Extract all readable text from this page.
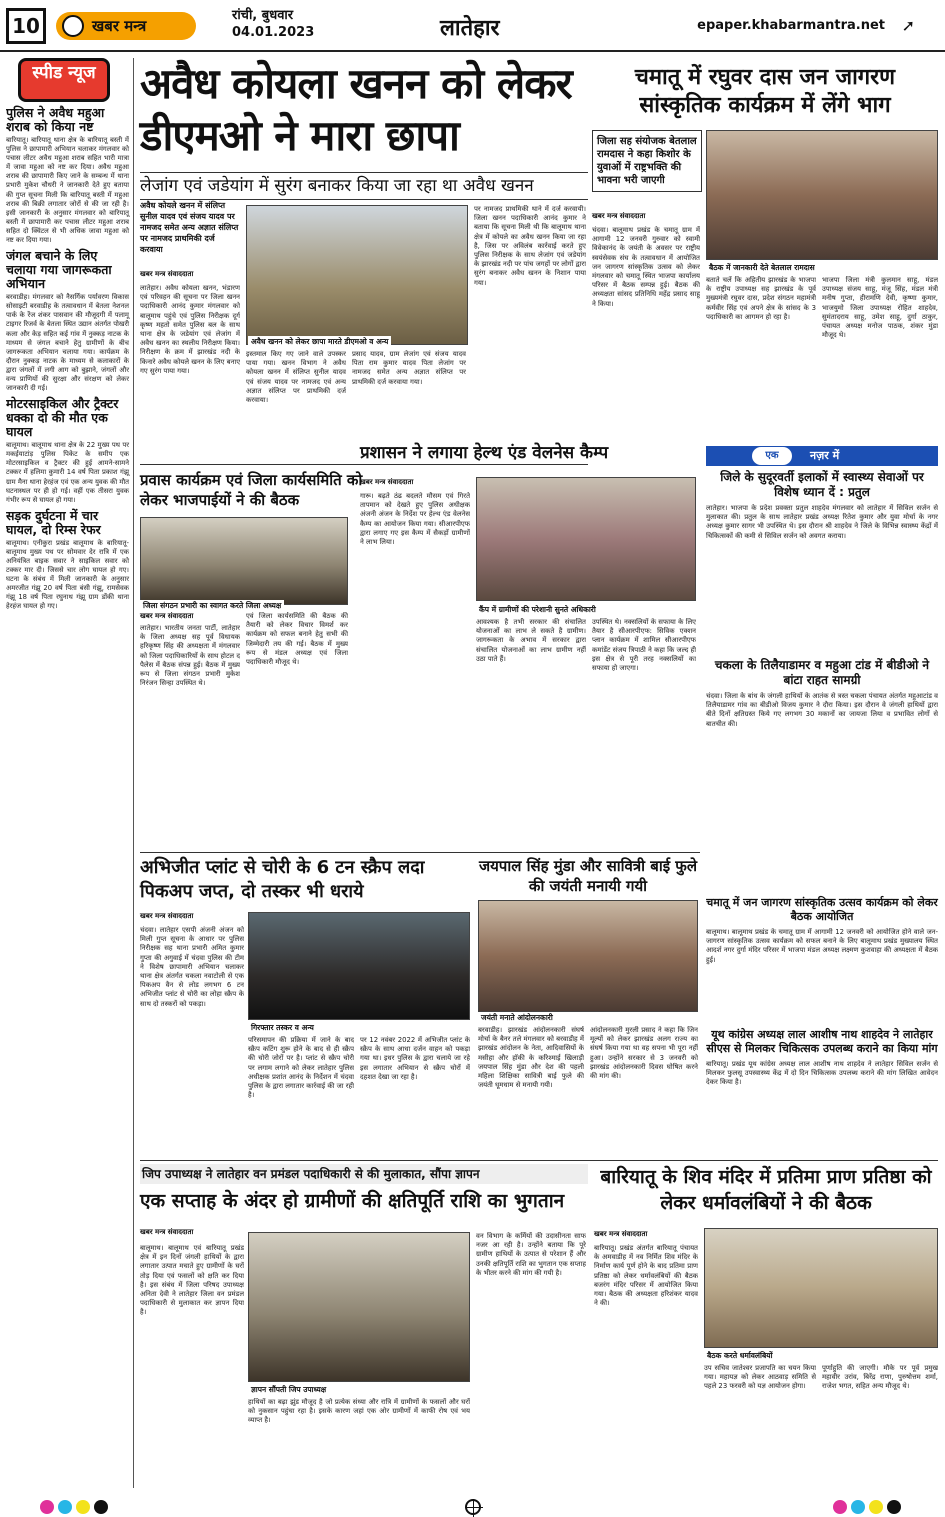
10	खबर मन्त्र
रांची, बुधवार
04.01.2023	लातेहार	epaper.khabarmantra.net ➚
स्पीड न्यूज
पुलिस ने अवैध महुआ शराब को किया नष्ट
बारियातू। बारियातू थाना क्षेत्र के बारियातू बस्ती में पुलिस ने छापामारी अभियान चलाकर मंगलवार को पचास लीटर अवैध महुआ शराब सहित भारी मात्रा में जावा महुआ को नष्ट कर दिया। अवैध महुआ शराब की छापामारी किए जाने के सम्बन्ध में थाना प्रभारी मुकेश चौधरी ने जानकारी देते हुए बताया की गुप्त सूचना मिली कि बारियातू बस्ती में महुआ शराब की बिक्री लगातार जोरों से की जा रही है। इसी जानकारी के अनुसार मंगलवार को बारियातू बस्ती में छापामारी कर पचास लीटर महुआ शराब सहित दो क्विंटल से भी अधिक जावा महुआ को नष्ट कर दिया गया।
जंगल बचाने के लिए चलाया गया जागरूकता अभियान
बरवाडीह। मंगलवार को नैसर्गिक पर्यावरण विकास सोसाइटी बरवाडीह के तत्वावधान में बेतला नेशनल पार्क के रेंज शंकर पासवान की मौजूदगी में पलामू टाइगर रिजर्व के बेतला स्थित उद्यान अंतर्गत पोखरी कला और केड़ सहित कई गांव में नुक्कड़ नाटक के माध्यम से जंगल बचाने हेतु ग्रामीणों के बीच जागरूकता अभियान चलाया गया। कार्यक्रम के दौरान नुक्कड़ नाटक के माध्यम से कलाकारों के द्वारा जंगलों में लगी आग को बुझाने, जंगलों और वन्य प्राणियों की सुरक्षा और संरक्षण को लेकर जानकारी दी गई।
मोटरसाइकिल और ट्रैक्टर धक्का दो की मौत एक घायल
बालूमाथ। बालूमाथ थाना क्षेत्र के 22 मुख्य पथ पर मकईयाटांड़ पुलिस पिकेट के समीप एक मोटरसाइकिल व ट्रैक्टर की हुई आमने-सामने टक्कर में हलिमा कुमारी 14 वर्ष पिता प्रकाश गंझू ग्राम मैना थाना हेरहंज एवं एक अन्य युवक की मौत घटनास्थल पर ही हो गई। वहीं एक तीसरा युवक गंभीर रूप से घायल हो गया।
सड़क दुर्घटना में चार घायल, दो रिम्स रेफर
बालूमाथ। एनीकुरा प्रखंड बालूमाथ के बारियातू-बालूमाथ मुख्य पथ पर सोमवार देर रात्रि में एक अनियंत्रित बाइक सवार ने साइकिल सवार को टक्कर मार दी। जिससे चार लोग घायल हो गए। घटना के संबंध में मिली जानकारी के अनुसार अमरजीत गंझू 20 वर्ष पिता बंसी गंझू, रामसेवक गंझू 18 वर्ष पिता रघुनाथ गंझू ग्राम डोंकी थाना हेरहंज घायल हो गए।
अवैध कोयला खनन को लेकर डीएमओ ने मारा छापा
लेजांग एवं जडेयांग में सुरंग बनाकर किया जा रहा था अवैध खनन
अवैध कोयले खनन में संलिप्त सुनील यादव एवं संजय यादव पर नामजद समेत अन्य अज्ञात संलिप्त पर नामजद प्राथमिकी दर्ज करवाया
अवैध खनन को लेकर छापा मारते डीएमओ व अन्य
खबर मन्त्र संवाददाता
लातेहार। अवैध कोयला खनन, भंडारण एवं परिवहन की सूचना पर जिला खनन पदाधिकारी आनंद कुमार मंगलवार को बालूमाथ पहुंचे एवं पुलिस निरीक्षक दूर्ग कृष्ण महतो समेत पुलिस बल के साथ थाना क्षेत्र के जडेयांग एवं लेजांग में अवैध खनन का स्थलीय निरीक्षण किया। निरीक्षण के क्रम में झारखंड नदी के किनारे अवैध कोयले खनन के लिए बनाए गए सुरंग पाया गया।
इस्तमाल किए गए जाने वाले उपस्कर पाया गया। खनन विभाग ने अवैध कोयला खनन में संलिप्त सुनील यादव एवं संजय यादव पर नामजद एवं अन्य अज्ञात संलिप्त पर प्राथमिकी दर्ज करवाया।
प्रसाद यादव, ग्राम लेजांग एवं संजय यादव पिता राम कुमार यादव पिता लेजांग पर नामजद समेत अन्य अज्ञात संलिप्त पर प्राथमिकी दर्ज करवाया गया।
पर नामजद प्राथमिकी थाने में दर्ज करवायी। जिला खनन पदाधिकारी आनंद कुमार ने बताया कि सूचना मिली थी कि बालूमाथ थाना क्षेत्र में कोयले का अवैध खनन किया जा रहा है, जिस पर अविलंब कार्रवाई करते हुए पुलिस निरीक्षक के साथ लेजांग एवं जडेयांग के झारखंड नदी पर पांच जगहों पर लोगों द्वारा सुरंग बनाकर अवैध खनन के निशान पाया गया।
चमातू में रघुवर दास जन जागरण सांस्कृतिक कार्यक्रम में लेंगे भाग
जिला सह संयोजक बेतलाल रामदास ने कहा किशोर के युवाओं में राष्ट्रभक्ति की भावना भरी जाएगी
बैठक में जानकारी देते बेतलाल रामदास
खबर मन्त्र संवाददाता
चंदवा। बालूमाथ प्रखंड के चमातू ग्राम में आगामी 12 जनवरी गुरुवार को स्वामी विवेकानंद के जयंती के अवसर पर राष्ट्रीय स्वयंसेवक संघ के तत्वावधान में आयोजित जन जागरण सांस्कृतिक उत्सव को लेकर मंगलवार को चमातू स्थित भाजपा कार्यालय परिसर में बैठक सम्पन्न हुई। बैठक की अध्यक्षता सांसद प्रतिनिधि महेंद्र प्रसाद साहू ने किया।
बताते चलें कि अहितीय झारखंड के भाजपा के राष्ट्रीय उपाध्यक्ष सह झारखंड के पूर्व मुख्यमंत्री रघुवर दास, प्रदेश संगठन महामंत्री कर्मवीर सिंह एवं अपने क्षेत्र के सांसद के 3 पदाधिकारी का आगमन हो रहा है।
भाजपा जिला मंत्री कुलमान साहू, मंडल उपाध्यक्ष संजय साहू, मंजू सिंह, मंडल मंत्री मनीष गुप्ता, हीरामणि देवी, कृष्णा कुमार, भाजयुमो जिला उपाध्यक्ष रोहित शाहदेव, सुमंतादराय साहू, उमेश साहू, दुर्गा ठाकुर, पंचायत अध्यक्ष मनोज पाठक, शंकर मुंडा मौजूद थे।
प्रवास कार्यक्रम एवं जिला कार्यसमिति को लेकर भाजपाईयों ने की बैठक
जिला संगठन प्रभारी का स्वागत करते जिला अध्यक्ष
खबर मन्त्र संवाददाता
लातेहार। भारतीय जनता पार्टी, लातेहार के जिला अध्यक्ष सह पूर्व विधायक हरिकृष्ण सिंह की अध्यक्षता में मंगलवार को जिला पदाधिकारियों के साथ होटल द पैलेस में बैठक संपन्न हुई। बैठक में मुख्य रूप से जिला संगठन प्रभारी मुकेश निरंजन सिन्हा उपस्थित थे।
एवं जिला कार्यसमिति की बैठक की तैयारी को लेकर विचार विमर्श कर कार्यक्रम को सफल बनाने हेतु सभी की जिम्मेदारी तय की गई। बैठक में मुख्य रूप से मंडल अध्यक्ष एवं जिला पदाधिकारी मौजूद थे।
प्रशासन ने लगाया हेल्थ एंड वेलनेस कैम्प
कैंप में ग्रामीणों की परेशानी सुनते अधिकारी
खबर मन्त्र संवाददाता
गारू। बढ़ते ठंढ बदलते मौसम एवं गिरते तापमान को देखते हुए पुलिस अधीक्षक अंजनी अंजन के निर्देश पर हेल्थ एंड वेलनेस कैम्प का आयोजन किया गया। सीआरपीएफ द्वारा लगाए गए इस कैम्प में सैकड़ों ग्रामीणों ने लाभ लिया।
आवश्यक है तभी सरकार की संचालित योजनाओं का लाभ ले सकते है ग्रामीण। जागरूकता के अभाव में सरकार द्वारा संचालित योजनाओं का लाभ ग्रामीण नहीं उठा पाते हैं।
उपस्थित थे। नक्सलियों के सफाया के लिए तैयार है सीआरपीएफ: सिविक एक्शन प्लान कार्यक्रम में शामिल सीआरपीएफ कमांडेंट संजय त्रिपाठी ने कहा कि जल्द ही इस क्षेत्र से पूरी तरह नक्सलियों का सफाया हो जाएगा।
नज़र में
एक
जिले के सुदूरवर्ती इलाकों में स्वास्थ्य सेवाओं पर विशेष ध्यान दें : प्रतुल
लातेहार। भाजपा के प्रदेश प्रवक्ता प्रतुल शाहदेव मंगलवार को लातेहार में सिविल सर्जन से मुलाकात की। प्रतुल के साथ लातेहार प्रखंड अध्यक्ष रितेश कुमार और युवा मोर्चा के नगर अध्यक्ष कुमार सागर भी उपस्थित थे। इस दौरान श्री शाहदेव ने जिले के विभिन्न स्वास्थ्य केंद्रों में चिकित्सकों की कमी से सिविल सर्जन को अवगत कराया।
चकला के तिलैयाडामर व महुआ टांड में बीडीओ ने बांटा राहत सामग्री
चंदवा। जिला के बांध के जंगली हाथियों के आतंक से त्रस्त चकला पंचायत अंतर्गत महुआटांड व तिलैयाडामर गांव का बीडीओ विजय कुमार ने दौरा किया। इस दौरान वे जंगली हाथियों द्वारा बीते दिनों क्षतिग्रस्त किये गए लगभग 30 मकानों का जायजा लिया व प्रभावित लोगों से बातचीत की।
चमातू में जन जागरण सांस्कृतिक उत्सव कार्यक्रम को लेकर बैठक आयोजित
बालूमाथ। बालूमाथ प्रखंड के चमातू ग्राम में आगामी 12 जनवरी को आयोजित होने वाले जन-जागरण सांस्कृतिक उत्सव कार्यक्रम को सफल बनाने के लिए बालूमाथ प्रखंड मुख्यालय स्थित आदर्श नगर दुर्गा मंदिर परिसर में भाजपा मंडल अध्यक्ष लक्ष्मण कुशवाहा की अध्यक्षता में बैठक हुई।
यूथ कांग्रेस अध्यक्ष लाल आशीष नाथ शाहदेव ने लातेहार सीएस से मिलकर चिकित्सक उपलब्ध कराने का किया मांग
बारियातू। प्रखंड यूथ कांग्रेस अध्यक्ष लाल आशीष नाथ शाहदेव ने लातेहार सिविल सर्जन से मिलकर फुलसू उपस्वास्थ्य केंद्र में दो दिन चिकित्सक उपलब्ध कराने की मांग लिखित आवेदन देकर किया है।
अभिजीत प्लांट से चोरी के 6 टन स्क्रैप लदा पिकअप जप्त, दो तस्कर भी धराये
खबर मन्त्र संवाददाता
गिरफ्तार तस्कर व अन्य
चंदवा। लातेहार एसपी अंजनी अंजन को मिली गुप्त सूचना के आधार पर पुलिस निरीक्षक सह थाना प्रभारी अमित कुमार गुप्ता की अगुवाई में चंदवा पुलिस की टीम ने विशेष छापामारी अभियान चलाकर थाना क्षेत्र अंतर्गत चकला नवाटोली से एक पिकअप वैन से लोड लगभग 6 टन अभिजीत प्लांट से चोरी का लोहा स्क्रैप के साथ दो तस्करों को पकड़ा।
परिसमापन की प्रक्रिया में जाने के बाद स्क्रैप कटिंग शुरू होने के बाद से ही स्क्रैप की चोरी जोरों पर है। प्लांट से स्क्रैप चोरी पर लगाम लगाने को लेकर लातेहार पुलिस अधीक्षक प्रशांत आनंद के निर्देशन में चंदवा पुलिस के द्वारा लगातार कार्रवाई की जा रही है।
पर 12 नवंबर 2022 में अभिजीत प्लांट के स्क्रैप के साथ आधा दर्जन वाहन को पकड़ा गया था। इधर पुलिस के द्वारा चलाये जा रहे इस लगातार अभियान से स्क्रैप चोरों में दहशत देखा जा रहा है।
जयपाल सिंह मुंडा और सावित्री बाई फुले की जयंती मनायी गयी
जयंती मनाते आंदोलनकारी
बरवाडीह। झारखंड आंदोलनकारी संघर्ष मोर्चा के बैनर तले मंगलवार को बरवाडीह में झारखंड आंदोलन के नेता, आदिवासियों के मसीहा और हॉकी के करिश्माई खिलाड़ी जयपाल सिंह मुंडा और देश की पहली महिला शिक्षिका सावित्री बाई फुले की जयंती धूमधाम से मनायी गयी।
आंदोलनकारी मुरली प्रसाद ने कहा कि जिन मूल्यों को लेकर झारखंड अलग राज्य का संघर्ष किया गया था वह सपना भी पूरा नहीं हुआ। उन्होंने सरकार से 3 जनवरी को झारखंड आंदोलनकारी दिवस घोषित करने की मांग की।
जिप उपाध्यक्ष ने लातेहार वन प्रमंडल पदाधिकारी से की मुलाकात, सौंपा ज्ञापन
एक सप्ताह के अंदर हो ग्रामीणों की क्षतिपूर्ति राशि का भुगतान
खबर मन्त्र संवाददाता
ज्ञापन सौंपती जिप उपाध्यक्ष
बालूमाथ। बालूमाथ एवं बारियातू प्रखंड क्षेत्र में इन दिनों जंगली हाथियों के द्वारा लगातार उत्पात मचाते हुए ग्रामीणों के घरों तोड़ दिया एवं फसलों को क्षति कर दिया है। इस संबंध में जिला परिषद उपाध्यक्ष अनिता देवी ने लातेहार जिला वन प्रमंडल पदाधिकारी से मुलाकात कर ज्ञापन दिया है।
वन विभाग के कर्मियों की उदासीनता साफ नजर आ रही है। उन्होंने बताया कि पूरे ग्रामीण हाथियों के उत्पात से परेशान हैं और उनकी क्षतिपूर्ति राशि का भुगतान एक सप्ताह के भीतर करने की मांग की गयी है।
हाथियों का बढ़ा झुंड मौजूद है जो प्रत्येक संध्या और रात्रि में ग्रामीणों के फसलों और घरों को नुकसान पहुंचा रहा है। इसके कारण जहां एक ओर ग्रामीणों में काफी रोष एवं भय व्याप्त है।
बारियातू के शिव मंदिर में प्रतिमा प्राण प्रतिष्ठा को लेकर धर्मावलंबियों ने की बैठक
खबर मन्त्र संवाददाता
बैठक करते धर्मावलंबियों
बारियातू। प्रखंड अंतर्गत बारियातू पंचायत के अमवाडीह में नव निर्मित शिव मंदिर के निर्माण कार्य पूर्ण होने के बाद प्रतिमा प्राण प्रतिष्ठा को लेकर धर्मावलंबियों की बैठक बजरंग मंदिर परिसर में आयोजित किया गया। बैठक की अध्यक्षता हरिशंकर यादव ने की।
उप सचिव जातेश्वर प्रजापति का चयन किया गया। महायज्ञ को लेकर आठवाड़ समिति से पहले 23 फरवरी को यज्ञ आयोजन होगा।
पूर्णाहुति की जाएगी। मौके पर पूर्व प्रमुख महावीर उरांव, बिरेंद्र राणा, पुरुषोत्तम शर्मा, राजेश भगत, सहित अन्य मौजूद थे।
